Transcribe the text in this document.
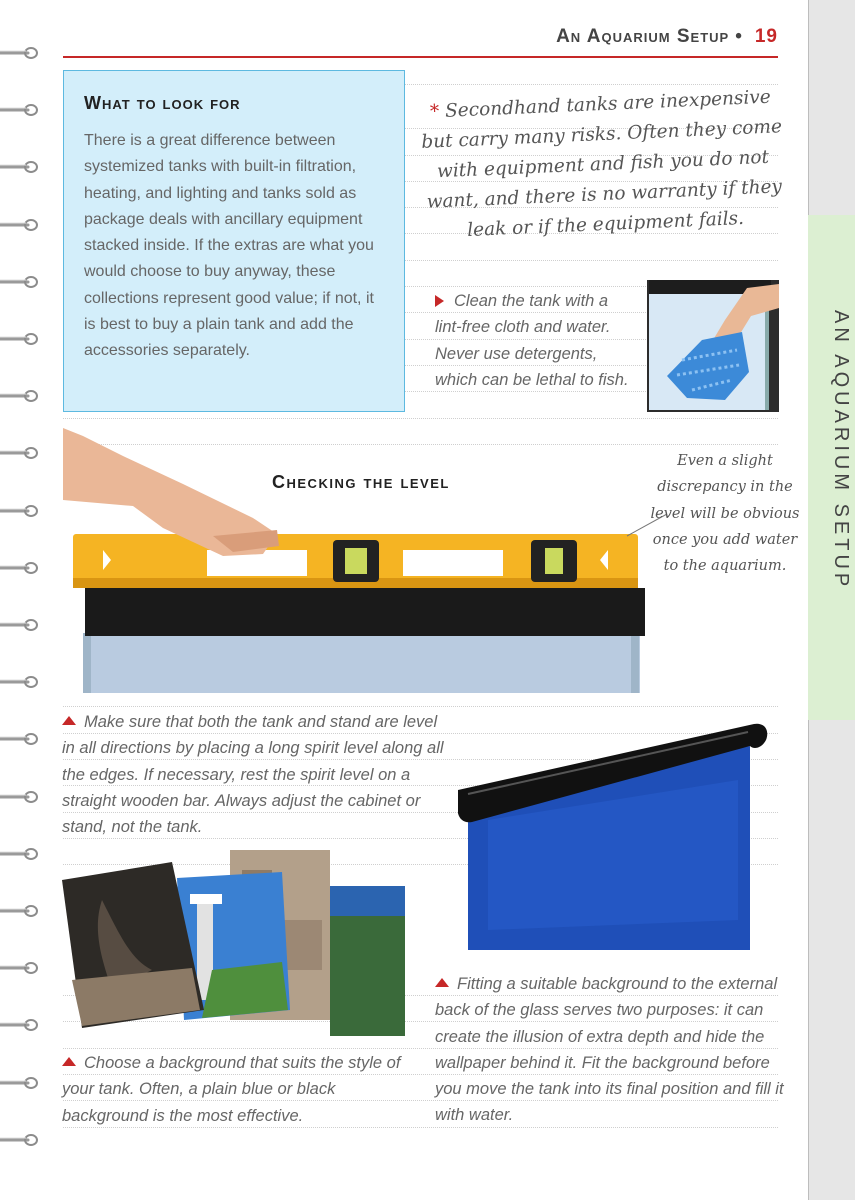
An Aquarium Setup • 19
What to look for

There is a great difference between systemized tanks with built-in filtration, heating, and lighting and tanks sold as package deals with ancillary equipment stacked inside. If the extras are what you would choose to buy anyway, these collections represent good value; if not, it is best to buy a plain tank and add the accessories separately.

* Secondhand tanks are inexpensive but carry many risks. Often they come with equipment and fish you do not want, and there is no warranty if they leak or if the equipment fails.
Clean the tank with a lint-free cloth and water. Never use detergents, which can be lethal to fish.
Checking the level
Even a slight discrepancy in the level will be obvious once you add water to the aquarium.
Make sure that both the tank and stand are level in all directions by placing a long spirit level along all the edges. If necessary, rest the spirit level on a straight wooden bar. Always adjust the cabinet or stand, not the tank.
Choose a background that suits the style of your tank. Often, a plain blue or black background is the most effective.
Fitting a suitable background to the external back of the glass serves two purposes: it can create the illusion of extra depth and hide the wallpaper behind it. Fit the background before you move the tank into its final position and fill it with water.
AN AQUARIUM SETUP
